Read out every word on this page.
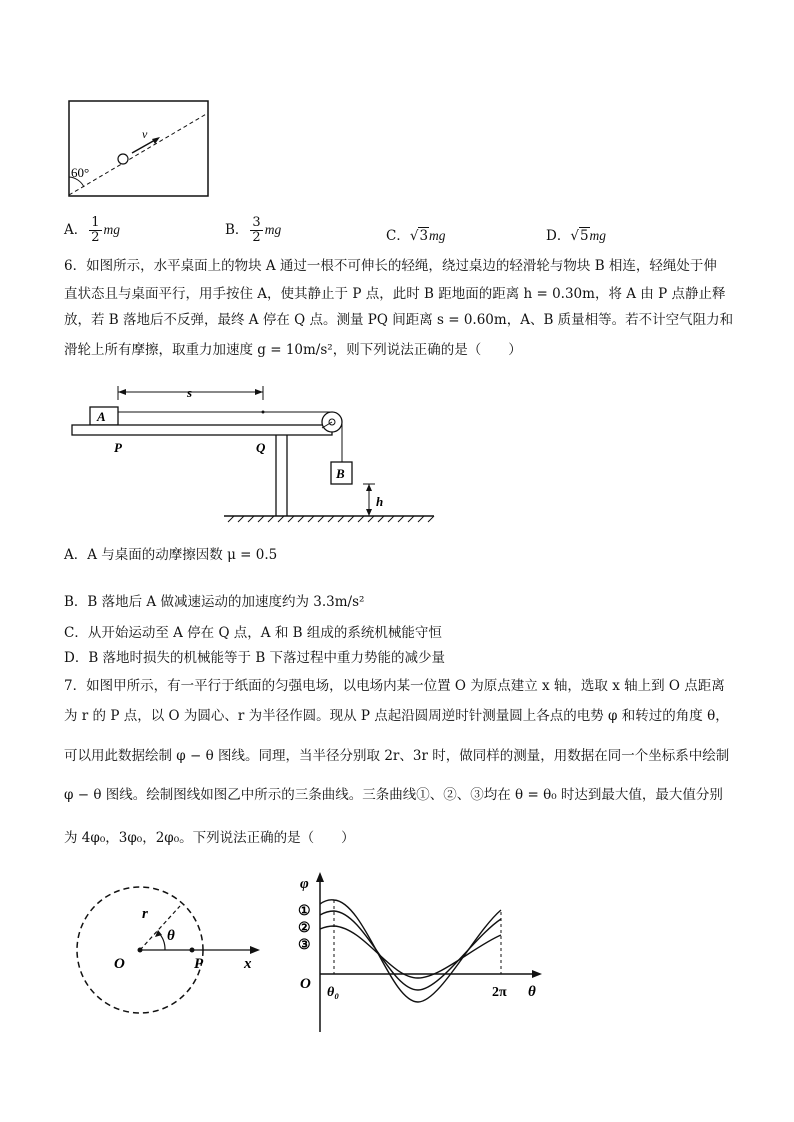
60°
v
A． $\frac{1}{2}$ mg	B． $\frac{3}{2}$ mg	C．√3mg	D．√5mg
6．如图所示，水平桌面上的物块 A 通过一根不可伸长的轻绳，绕过桌边的轻滑轮与物块 B 相连，轻绳处于伸
直状态且与桌面平行，用手按住 A，使其静止于 P 点，此时 B 距地面的距离 h = 0.30m，将 A 由 P 点静止释
放，若 B 落地后不反弹，最终 A 停在 Q 点。测量 PQ 间距离 s = 0.60m，A、B 质量相等。若不计空气阻力和
滑轮上所有摩擦，取重力加速度 g = 10m/s²，则下列说法正确的是（　　）
s
A
B
h
P	Q
A．A 与桌面的动摩擦因数 μ = 0.5
B．B 落地后 A 做减速运动的加速度约为 3.3m/s²
C．从开始运动至 A 停在 Q 点，A 和 B 组成的系统机械能守恒
D．B 落地时损失的机械能等于 B 下落过程中重力势能的减少量
7．如图甲所示，有一平行于纸面的匀强电场，以电场内某一位置 O 为原点建立 x 轴，选取 x 轴上到 O 点距离
为 r 的 P 点，以 O 为圆心、r 为半径作圆。现从 P 点起沿圆周逆时针测量圆上各点的电势 φ 和转过的角度 θ，
可以用此数据绘制 φ − θ 图线。同理，当半径分别取 2r、3r 时，做同样的测量，用数据在同一个坐标系中绘制
φ − θ 图线。绘制图线如图乙中所示的三条曲线。三条曲线①、②、③均在 θ = θ₀ 时达到最大值，最大值分别
为 4φ₀，3φ₀，2φ₀。下列说法正确的是（　　）
r
θ
O	P	x
φ
①
②
③
O
θ₀	2π θ
